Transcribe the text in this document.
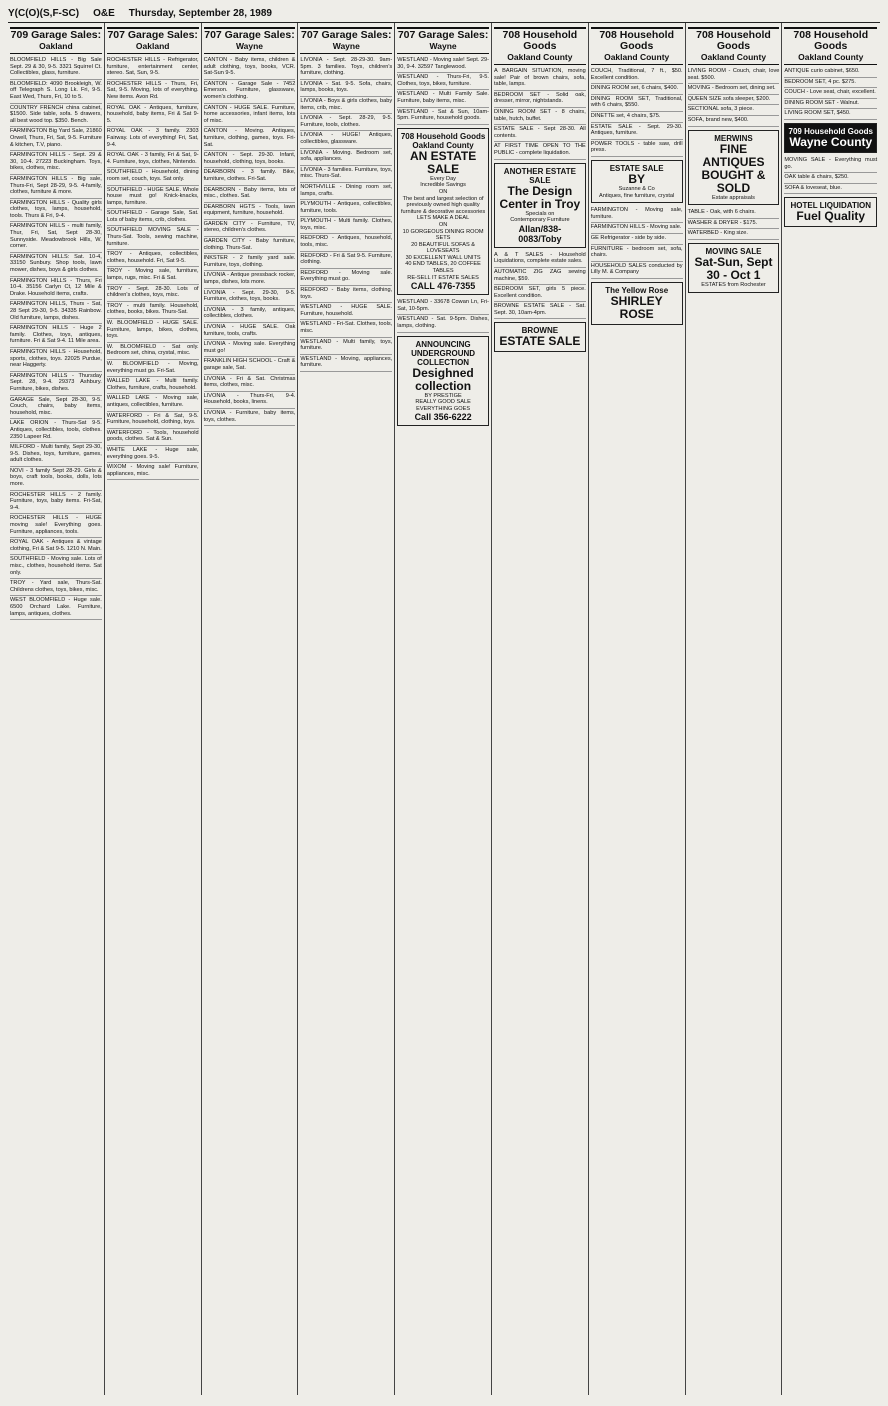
Y(C(O)(S,F-SC) O&E Thursday, September 28, 1989
709 Garage Sales:
Oakland

BLOOMFIELD HILLS - Big Sale Sept. 29 & 30, 9-5. 3321 Squirrel Ct. Collectibles, glass, furniture.

BLOOMFIELD: 4090 Brookleigh, W. off Telegraph S. Long Lk. Fri, 9-5. East Wed, Thurs, Fri, 10 to 5.

COUNTRY FRENCH china cabinet, $1500. Side table, sofa. 5 drawers, all best wood top. $350. Bench.

FARMINGTON Big Yard Sale, 21860 Orwell, Thurs, Fri, Sat, 9-5. Furniture & kitchen, T.V, piano.

FARMINGTON HILLS - Sept. 29 & 30, 10-4. 27223 Buckingham. Toys, bikes, clothes, misc.

FARMINGTON HILLS - Big sale, Thurs-Fri, Sept 28-29, 9-5. 4-family, clothes, furniture & more.

FARMINGTON HILLS - Quality girls clothes, toys, lamps, household, tools. Thurs & Fri, 9-4.

FARMINGTON HILLS - multi family, Thur, Fri, Sat, Sept 28-30, Sunnyside. Meadowbrook Hills, W. corner.

FARMINGTON HILLS: Sat. 10-4, 33150 Sunbury. Shop tools, lawn mower, dishes, boys & girls clothes.

FARMINGTON HILLS - Thurs, Fri 10-4. 35156 Carlyn Ct, 12 Mile & Drake. Household items, crafts.

FARMINGTON HILLS, Thurs - Sat, 28 Sept 29-30, 9-5. 34335 Rainbow. Old furniture, lamps, dishes.

FARMINGTON HILLS - Huge 2 family. Clothes, toys, antiques, furniture. Fri & Sat 9-4. 11 Mile area.

FARMINGTON HILLS - Household, sports, clothes, toys. 22025 Purdue, near Haggerty.

FARMINGTON HILLS - Thursday Sept. 28, 9-4. 29373 Ashbury. Furniture, bikes, dishes.

GARAGE Sale, Sept 28-30, 9-5. Couch, chairs, baby items, household, misc.

LAKE ORION - Thurs-Sat 9-5. Antiques, collectibles, tools, clothes. 2350 Lapeer Rd.

MILFORD - Multi family, Sept 29-30, 9-5. Dishes, toys, furniture, games, adult clothes.

NOVI - 3 family Sept 28-29. Girls & boys, craft tools, books, dolls, lots more.

ROCHESTER HILLS - 2 family. Furniture, toys, baby items. Fri-Sat, 9-4.

ROCHESTER HILLS - HUGE moving sale! Everything goes. Furniture, appliances, tools.

ROYAL OAK - Antiques & vintage clothing, Fri & Sat 9-5. 1210 N. Main.

SOUTHFIELD - Moving sale. Lots of misc., clothes, household items. Sat only.

TROY - Yard sale, Thurs-Sat. Childrens clothes, toys, bikes, misc.

WEST BLOOMFIELD - Huge sale. 6500 Orchard Lake. Furniture, lamps, antiques, clothes.

707 Garage Sales:
Oakland

ROCHESTER HILLS - Refrigerator, furniture, entertainment center, stereo. Sat, Sun, 9-5.

ROCHESTER HILLS - Thurs, Fri, Sat, 9-5. Moving, lots of everything. New items. Avon Rd.

ROYAL OAK - Antiques, furniture, household, baby items, Fri & Sat 9-5.

ROYAL OAK - 3 family. 2303 Fairway. Lots of everything! Fri, Sat, 9-4.

ROYAL OAK - 3 family, Fri & Sat, 9-4. Furniture, toys, clothes, Nintendo.

SOUTHFIELD - Household, dining room set, couch, toys. Sat only.

SOUTHFIELD - HUGE SALE. Whole house must go! Knick-knacks, lamps, furniture.

SOUTHFIELD - Garage Sale, Sat. Lots of baby items, crib, clothes.

SOUTHFIELD MOVING SALE - Thurs-Sat. Tools, sewing machine, furniture.

TROY - Antiques, collectibles, clothes, household. Fri, Sat 9-5.

TROY - Moving sale, furniture, lamps, rugs, misc. Fri & Sat.

TROY - Sept. 28-30. Lots of children's clothes, toys, misc.

TROY - multi family. Household, clothes, books, bikes. Thurs-Sat.

W. BLOOMFIELD - HUGE SALE. Furniture, lamps, bikes, clothes, toys.

W. BLOOMFIELD - Sat only. Bedroom set, china, crystal, misc.

W. BLOOMFIELD - Moving, everything must go. Fri-Sat.

WALLED LAKE - Multi family. Clothes, furniture, crafts, household.

WALLED LAKE - Moving sale, antiques, collectibles, furniture.

WATERFORD - Fri & Sat, 9-5. Furniture, household, clothing, toys.

WATERFORD - Tools, household goods, clothes. Sat & Sun.

WHITE LAKE - Huge sale, everything goes. 9-5.

WIXOM - Moving sale! Furniture, appliances, misc.

707 Garage Sales:
Wayne

CANTON - Baby items, children & adult clothing, toys, books, VCR. Sat-Sun 9-5.

CANTON - Garage Sale - 7452 Emerson. Furniture, glassware, women's clothing.

CANTON - HUGE SALE. Furniture, home accessories, infant items, lots of misc.

CANTON - Moving. Antiques, furniture, clothing, games, toys. Fri-Sat.

CANTON - Sept. 29-30. Infant, household, clothing, toys, books.

DEARBORN - 3 family. Bike, furniture, clothes. Fri-Sat.

DEARBORN - Baby items, lots of misc., clothes. Sat.

DEARBORN HGTS - Tools, lawn equipment, furniture, household.

GARDEN CITY - Furniture, TV, stereo, children's clothes.

GARDEN CITY - Baby furniture, clothing. Thurs-Sat.

INKSTER - 2 family yard sale. Furniture, toys, clothing.

LIVONIA - Antique pressback rocker, lamps, dishes, lots more.

LIVONIA - Sept. 29-30, 9-5. Furniture, clothes, toys, books.

LIVONIA - 3 family, antiques, collectibles, clothes.

LIVONIA - HUGE SALE. Oak furniture, tools, crafts.

LIVONIA - Moving sale. Everything must go!

FRANKLIN HIGH SCHOOL - Craft & garage sale, Sat.

LIVONIA - Fri & Sat. Christmas items, clothes, misc.

LIVONIA - Thurs-Fri, 9-4. Household, books, linens.

LIVONIA - Furniture, baby items, toys, clothes.

707 Garage Sales:
Wayne

LIVONIA - Sept. 28-29-30. 9am-5pm. 3 families. Toys, children's furniture, clothing.

LIVONIA - Sat. 9-5. Sofa, chairs, lamps, books, toys.

LIVONIA - Boys & girls clothes, baby items, crib, misc.

LIVONIA - Sept. 28-29, 9-5. Furniture, tools, clothes.

LIVONIA - HUGE! Antiques, collectibles, glassware.

LIVONIA - Moving. Bedroom set, sofa, appliances.

LIVONIA - 3 families. Furniture, toys, misc. Thurs-Sat.

NORTHVILLE - Dining room set, lamps, crafts.

PLYMOUTH - Antiques, collectibles, furniture, tools.

PLYMOUTH - Multi family. Clothes, toys, misc.

REDFORD - Antiques, household, tools, misc.

REDFORD - Fri & Sat 9-5. Furniture, clothing.

REDFORD - Moving sale. Everything must go.

REDFORD - Baby items, clothing, toys.

WESTLAND - HUGE SALE. Furniture, household.

WESTLAND - Fri-Sat. Clothes, tools, misc.

WESTLAND - Multi family, toys, furniture.

WESTLAND - Moving, appliances, furniture.

707 Garage Sales:
Wayne

WESTLAND - Moving sale! Sept. 29-30, 9-4. 32597 Tanglewood.

WESTLAND - Thurs-Fri, 9-5. Clothes, toys, bikes, furniture.

WESTLAND - Multi Family Sale. Furniture, baby items, misc.

WESTLAND - Sat & Sun, 10am-5pm. Furniture, household goods.

708 Household Goods Oakland County
AN ESTATE SALE
Every Day
Incredible Savings
ON
The best and largest selection of previously owned high quality furniture & decorative accessories
LETS MAKE A DEAL
ON
10 GORGEOUS DINING ROOM SETS
20 BEAUTIFUL SOFAS & LOVESEATS
30 EXCELLENT WALL UNITS
40 END TABLES, 20 COFFEE TABLES
RE-SELL IT ESTATE SALES
CALL 476-7355

WESTLAND - 33678 Cowan Ln, Fri-Sat, 10-5pm.

WESTLAND - Sat. 9-5pm. Dishes, lamps, clothing.

ANNOUNCING UNDERGROUND COLLECTION
Desighned collection
BY PRESTIGE
REALLY GOOD SALE
EVERYTHING GOES
Call 356-6222
708 Household Goods
Oakland County

A BARGAIN SITUATION, moving sale! Pair of brown chairs, sofa, table, lamps.

BEDROOM SET - Solid oak, dresser, mirror, nightstands.

DINING ROOM SET - 8 chairs, table, hutch, buffet.

ESTATE SALE - Sept 28-30. All contents.

AT FIRST TIME OPEN TO THE PUBLIC - complete liquidation.

ANOTHER ESTATE SALE
The Design Center in Troy
Specials on
Contemporary Furniture
Allan/838-0083/Toby

A & T SALES - Household Liquidations, complete estate sales.

AUTOMATIC ZIG ZAG sewing machine, $59.

BEDROOM SET, girls 5 piece. Excellent condition.

BROWNE ESTATE SALE - Sat. Sept. 30, 10am-4pm.

BROWNE
ESTATE SALE
708 Household Goods
Oakland County

COUCH, Traditional, 7 ft., $50. Excellent condition.

DINING ROOM set, 6 chairs, $400.

DINING ROOM SET, Traditional, with 6 chairs, $550.

DINETTE set, 4 chairs, $75.

ESTATE SALE - Sept. 29-30. Antiques, furniture.

POWER TOOLS - table saw, drill press.

ESTATE SALE
BY
Suzanne & Co
Antiques, fine furniture, crystal

FARMINGTON - Moving sale, furniture.

FARMINGTON HILLS - Moving sale.

GE Refrigerator - side by side.

FURNITURE - bedroom set, sofa, chairs.

HOUSEHOLD SALES conducted by Lilly M. & Company

The Yellow Rose
SHIRLEY ROSE
708 Household Goods
Oakland County

LIVING ROOM - Couch, chair, love seat. $500.

MOVING - Bedroom set, dining set.

QUEEN SIZE sofa sleeper, $200.

SECTIONAL sofa, 3 piece.

SOFA, brand new, $400.

MERWINS
FINE ANTIQUES BOUGHT & SOLD
Estate appraisals

TABLE - Oak, with 6 chairs.

WASHER & DRYER - $175.

WATERBED - King size.

MOVING SALE
Sat-Sun, Sept 30 - Oct 1
ESTATES from Rochester
708 Household Goods
Oakland County

ANTIQUE curio cabinet, $650.

BEDROOM SET, 4 pc. $275.

COUCH - Love seat, chair, excellent.

DINING ROOM SET - Walnut.

LIVING ROOM SET, $450.

709 Household Goods
Wayne County

MOVING SALE - Everything must go.

OAK table & chairs, $250.

SOFA & loveseat, blue.

HOTEL LIQUIDATION
Fuel Quality
